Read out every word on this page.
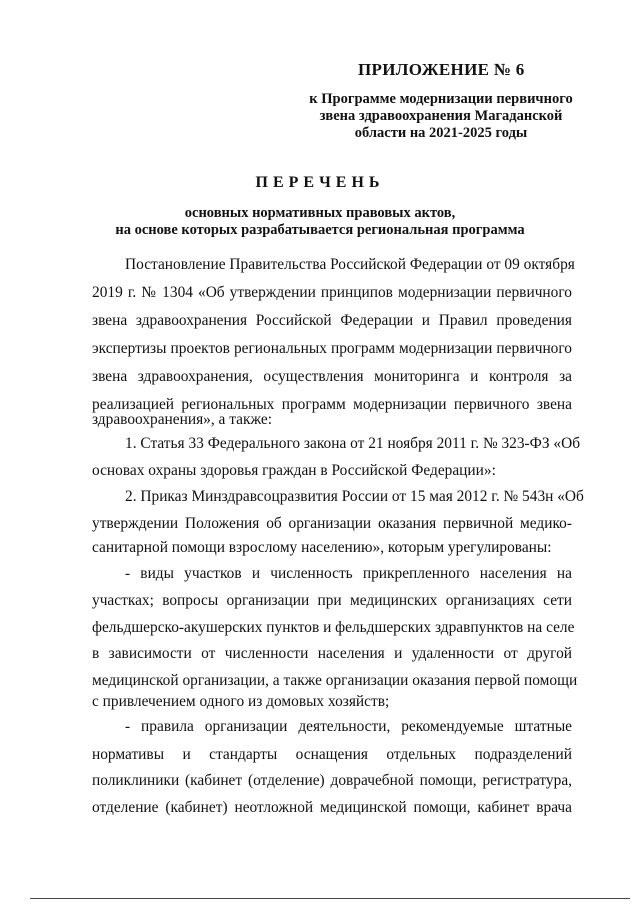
ПРИЛОЖЕНИЕ № 6
к Программе модернизации первичного
звена здравоохранения Магаданской
области на 2021-2025 годы
ПЕРЕЧЕНЬ
основных нормативных правовых актов,
на основе которых разрабатывается региональная программа
Постановление Правительства Российской Федерации от 09 октября
2019 г. № 1304 «Об утверждении принципов модернизации первичного
звена здравоохранения Российской Федерации и Правил проведения
экспертизы проектов региональных программ модернизации первичного
звена здравоохранения, осуществления мониторинга и контроля за
реализацией региональных программ модернизации первичного звена
здравоохранения», а также:
1. Статья 33 Федерального закона от 21 ноября 2011 г. № 323-ФЗ «Об
основах охраны здоровья граждан в Российской Федерации»:
2. Приказ Минздравсоцразвития России от 15 мая 2012 г. № 543н «Об
утверждении Положения об организации оказания первичной медико-
санитарной помощи взрослому населению», которым урегулированы:
- виды участков и численность прикрепленного населения на
участках; вопросы организации при медицинских организациях сети
фельдшерско-акушерских пунктов и фельдшерских здравпунктов на селе
в зависимости от численности населения и удаленности от другой
медицинской организации, а также организации оказания первой помощи
с привлечением одного из домовых хозяйств;
- правила организации деятельности, рекомендуемые штатные
нормативы и стандарты оснащения отдельных подразделений
поликлиники (кабинет (отделение) доврачебной помощи, регистратура,
отделение (кабинет) неотложной медицинской помощи, кабинет врача
